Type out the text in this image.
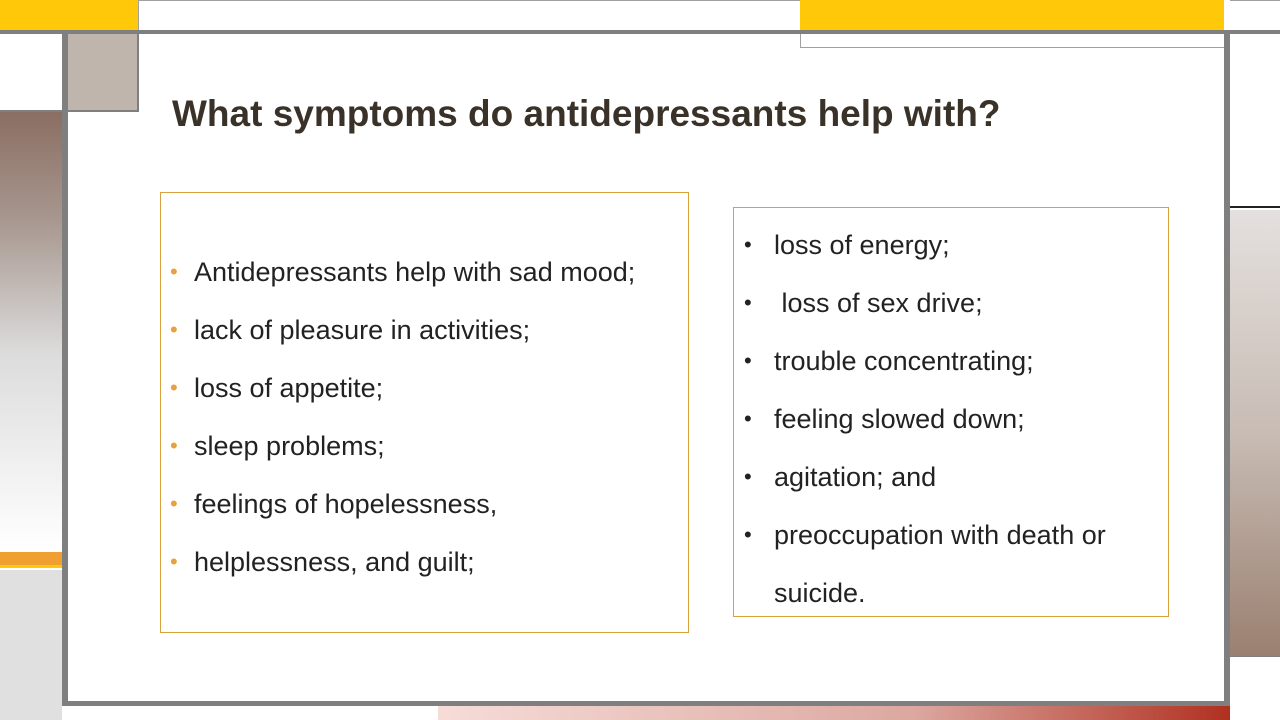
What symptoms do antidepressants help with?
• Antidepressants help with sad mood;
• lack of pleasure in activities;
• loss of appetite;
• sleep problems;
• feelings of hopelessness,
• helplessness, and guilt;
• loss of energy;
• loss of sex drive;
• trouble concentrating;
• feeling slowed down;
• agitation; and
• preoccupation with death or
suicide.
